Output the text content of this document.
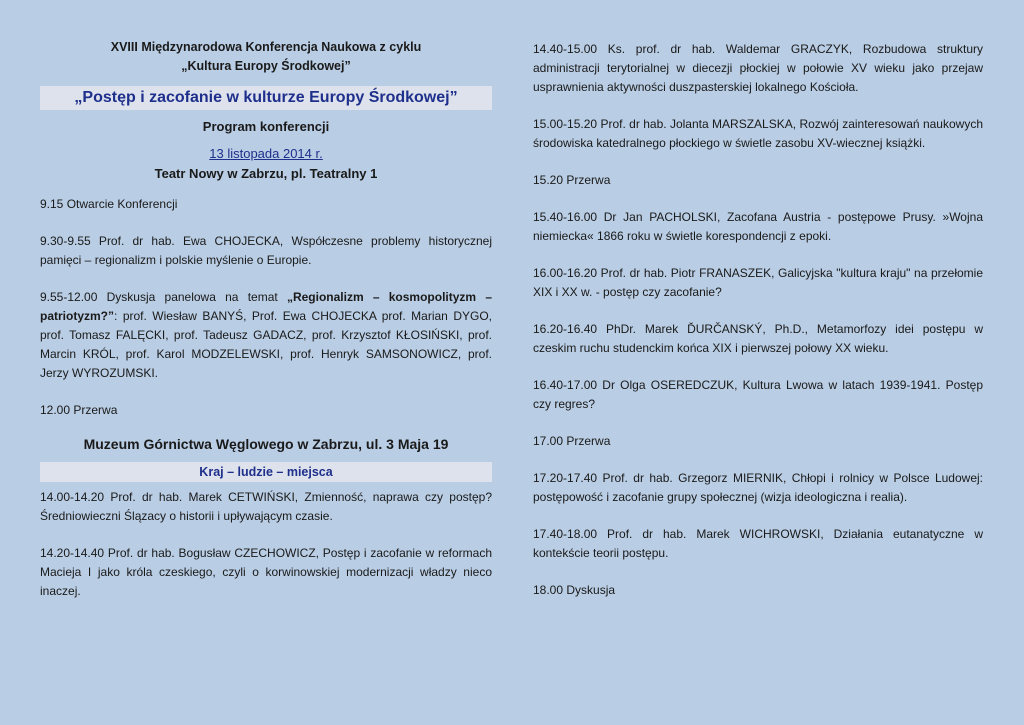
XVIII Międzynarodowa Konferencja Naukowa z cyklu
„Kultura Europy Środkowej”
„Postęp i zacofanie w kulturze Europy Środkowej”
Program konferencji
13 listopada 2014 r.
Teatr Nowy w Zabrzu, pl. Teatralny 1

9.15 Otwarcie Konferencji

9.30-9.55 Prof. dr hab. Ewa CHOJECKA, Współczesne problemy historycznej pamięci – regionalizm i polskie myślenie o Europie.

9.55-12.00 Dyskusja panelowa na temat „Regionalizm – kosmopolityzm – patriotyzm?”: prof. Wiesław BANYŚ, Prof. Ewa CHOJECKA prof. Marian DYGO, prof. Tomasz FALĘCKI, prof. Tadeusz GADACZ, prof. Krzysztof KŁOSIŃSKI, prof. Marcin KRÓL, prof. Karol MODZELEWSKI, prof. Henryk SAMSONOWICZ, prof. Jerzy WYROZUMSKI.

12.00 Przerwa

Muzeum Górnictwa Węglowego w Zabrzu, ul. 3 Maja 19
Kraj – ludzie – miejsca

14.00-14.20 Prof. dr hab. Marek CETWIŃSKI, Zmienność, naprawa czy postęp? Średniowieczni Ślązacy o historii i upływającym czasie.

14.20-14.40 Prof. dr hab. Bogusław CZECHOWICZ, Postęp i zacofanie w reformach Macieja I jako króla czeskiego, czyli o korwinowskiej modernizacji władzy nieco inaczej.

14.40-15.00 Ks. prof. dr hab. Waldemar GRACZYK, Rozbudowa struktury administracji terytorialnej w diecezji płockiej w połowie XV wieku jako przejaw usprawnienia aktywności duszpasterskiej lokalnego Kościoła.

15.00-15.20 Prof. dr hab. Jolanta MARSZALSKA, Rozwój zainteresowań naukowych środowiska katedralnego płockiego w świetle zasobu XV-wiecznej książki.

15.20 Przerwa

15.40-16.00 Dr Jan PACHOLSKI, Zacofana Austria - postępowe Prusy. »Wojna niemiecka« 1866 roku w świetle korespondencji z epoki.

16.00-16.20 Prof. dr hab. Piotr FRANASZEK, Galicyjska "kultura kraju" na przełomie XIX i XX w. - postęp czy zacofanie?

16.20-16.40 PhDr. Marek ĎURČANSKÝ, Ph.D., Metamorfozy idei postępu w czeskim ruchu studenckim końca XIX i pierwszej połowy XX wieku.

16.40-17.00 Dr Olga OSEREDCZUK, Kultura Lwowa w latach 1939-1941. Postęp czy regres?

17.00 Przerwa

17.20-17.40 Prof. dr hab. Grzegorz MIERNIK, Chłopi i rolnicy w Polsce Ludowej: postępowość i zacofanie grupy społecznej (wizja ideologiczna i realia).

17.40-18.00 Prof. dr hab. Marek WICHROWSKI, Działania eutanatyczne w kontekście teorii postępu.

18.00 Dyskusja
